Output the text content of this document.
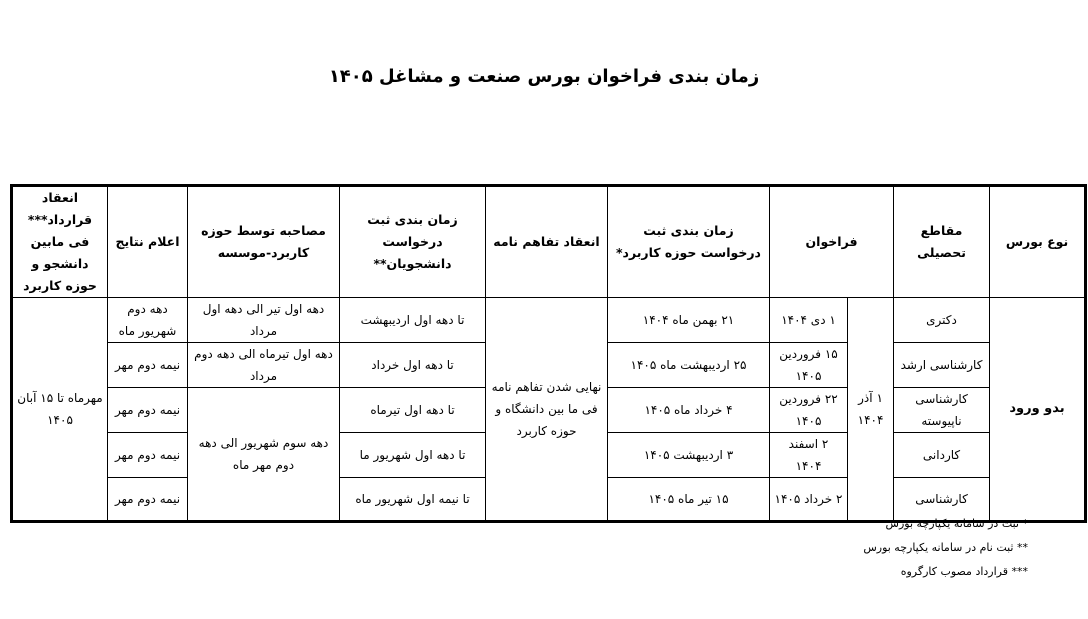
زمان بندی فراخوان بورس صنعت و مشاغل ۱۴۰۵
نوع بورس	مقاطع تحصیلی	فراخوان		زمان بندی ثبت درخواست حوزه کاربرد*	انعقاد تفاهم نامه	زمان بندی ثبت درخواست دانشجویان**	مصاحبه توسط حوزه کاربرد-موسسه	اعلام نتایج	انعقاد قرارداد*** فی مابین دانشجو و حوزه کاربرد
بدو ورود	دکتری	۱ آذر ۱۴۰۴	۱ دی ۱۴۰۴	۲۱ بهمن ماه ۱۴۰۴	نهایی شدن تفاهم نامه فی ما بین دانشگاه و حوزه کاربرد	تا دهه اول اردیبهشت	دهه اول تیر الی دهه اول مرداد	دهه دوم شهریور ماه	مهرماه تا ۱۵ آبان ۱۴۰۵
	کارشناسی ارشد		۱۵ فروردین ۱۴۰۵	۲۵ اردیبهشت ماه ۱۴۰۵		تا دهه اول خرداد	دهه اول تیرماه الی دهه دوم مرداد	نیمه دوم مهر	
	کارشناسی ناپیوسته		۲۲ فروردین ۱۴۰۵	۴ خرداد ماه ۱۴۰۵		تا دهه اول تیرماه	دهه سوم شهریور الی دهه دوم مهر ماه	نیمه دوم مهر	
	کاردانی		۲ اسفند ۱۴۰۴	۳ اردیبهشت ۱۴۰۵		تا دهه اول شهریور ما		نیمه دوم مهر	
	کارشناسی		۲ خرداد ۱۴۰۵	۱۵ تیر ماه ۱۴۰۵		تا نیمه اول شهریور ماه		نیمه دوم مهر	
* ثبت در سامانه یکپارچه بورس
** ثبت نام در سامانه یکپارچه بورس
*** قرارداد مصوب کارگروه
